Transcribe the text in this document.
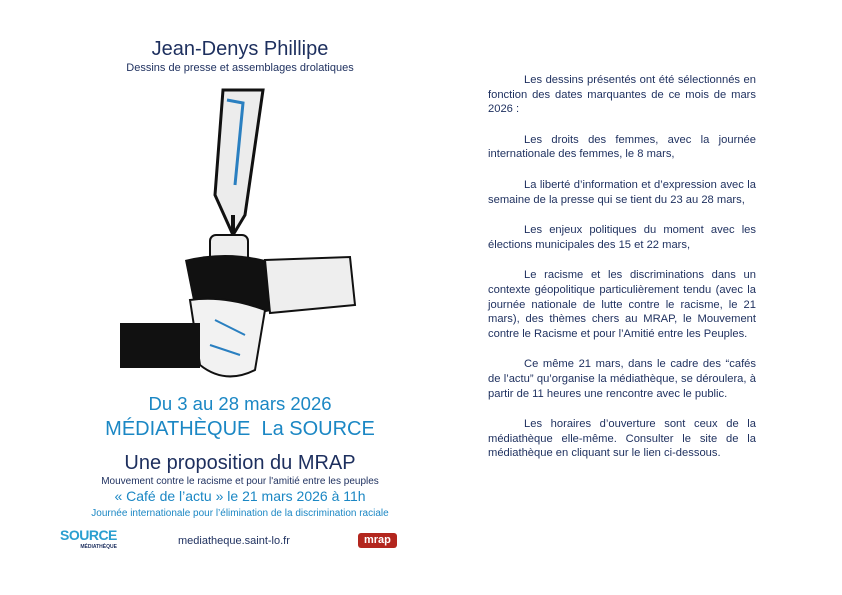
Jean-Denys Phillipe
Dessins de presse et assemblages drolatiques
Du 3 au 28 mars 2026
MÉDIATHÈQUE  La SOURCE
Une proposition du MRAP
Mouvement contre le racisme et pour l'amitié entre les peuples
« Café de l’actu » le 21 mars 2026 à 11h
Journée internationale pour l’élimination de la discrimination raciale
SOURCE
MÉDIATHÈQUE	mediatheque.saint-lo.fr	mrap

Les dessins présentés ont été sélectionnés en fonction des dates marquantes de ce mois de mars 2026 :

Les droits des femmes, avec la journée internationale des femmes, le 8 mars,

La liberté d’information et d’expression avec la semaine de la presse qui se tient du 23 au 28 mars,

Les enjeux politiques du moment avec les élections municipales des 15 et 22 mars,

Le racisme et les discriminations dans un contexte géopolitique particulièrement tendu (avec la journée nationale de lutte contre le racisme, le 21 mars), des thèmes chers au MRAP, le Mouvement contre le Racisme et pour l’Amitié entre les Peuples.

Ce même 21 mars, dans le cadre des “cafés de l’actu” qu’organise la médiathèque, se déroulera, à partir de 11 heures une rencontre avec le public.

Les horaires d’ouverture sont ceux de la médiathèque elle-même. Consulter le site de la médiathèque en cliquant sur le lien ci-dessous.
